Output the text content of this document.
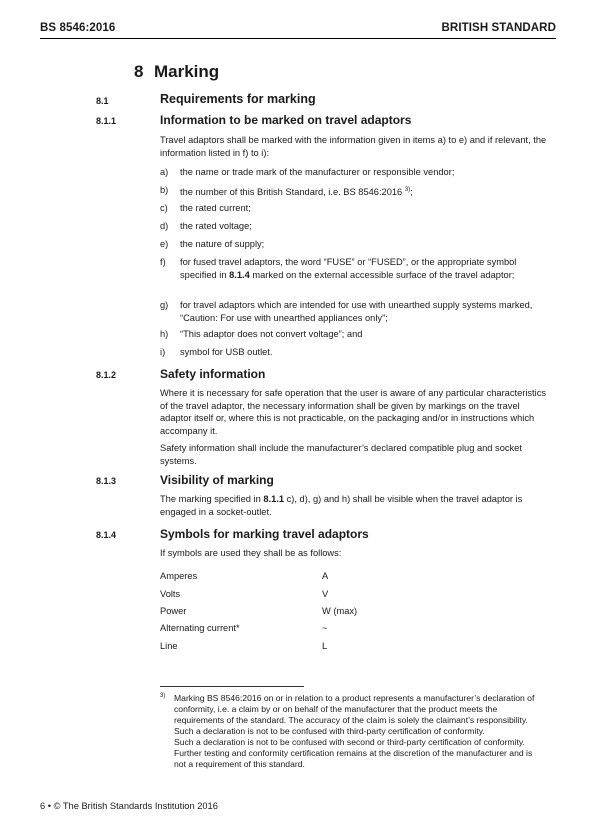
BS 8546:2016	BRITISH STANDARD
8 Marking
8.1	Requirements for marking
8.1.1	Information to be marked on travel adaptors
Travel adaptors shall be marked with the information given in items a) to e) and if relevant, the information listed in f) to i):
a) the name or trade mark of the manufacturer or responsible vendor;
b) the number of this British Standard, i.e. BS 8546:2016 $^{3)}$;
c) the rated current;
d) the rated voltage;
e) the nature of supply;
f) for fused travel adaptors, the word “FUSE” or “FUSED”, or the appropriate symbol specified in 8.1.4 marked on the external accessible surface of the travel adaptor;
g) for travel adaptors which are intended for use with unearthed supply systems marked, “Caution: For use with unearthed appliances only”;
h) “This adaptor does not convert voltage”; and
i) symbol for USB outlet.
8.1.2	Safety information
Where it is necessary for safe operation that the user is aware of any particular characteristics of the travel adaptor, the necessary information shall be given by markings on the travel adaptor itself or, where this is not practicable, on the packaging and/or in instructions which accompany it.
Safety information shall include the manufacturer’s declared compatible plug and socket systems.
8.1.3	Visibility of marking
The marking specified in 8.1.1 c), d), g) and h) shall be visible when the travel adaptor is engaged in a socket-outlet.
8.1.4	Symbols for marking travel adaptors
If symbols are used they shall be as follows:
Amperes	A
Volts	V
Power	W (max)
Alternating current*	~
Line	L
3) Marking BS 8546:2016 on or in relation to a product represents a manufacturer’s declaration of conformity, i.e. a claim by or on behalf of the manufacturer that the product meets the requirements of the standard. The accuracy of the claim is solely the claimant’s responsibility. Such a declaration is not to be confused with third-party certification of conformity.
Such a declaration is not to be confused with second or third-party certification of conformity. Further testing and conformity certification remains at the discretion of the manufacturer and is not a requirement of this standard.
6 • © The British Standards Institution 2016
